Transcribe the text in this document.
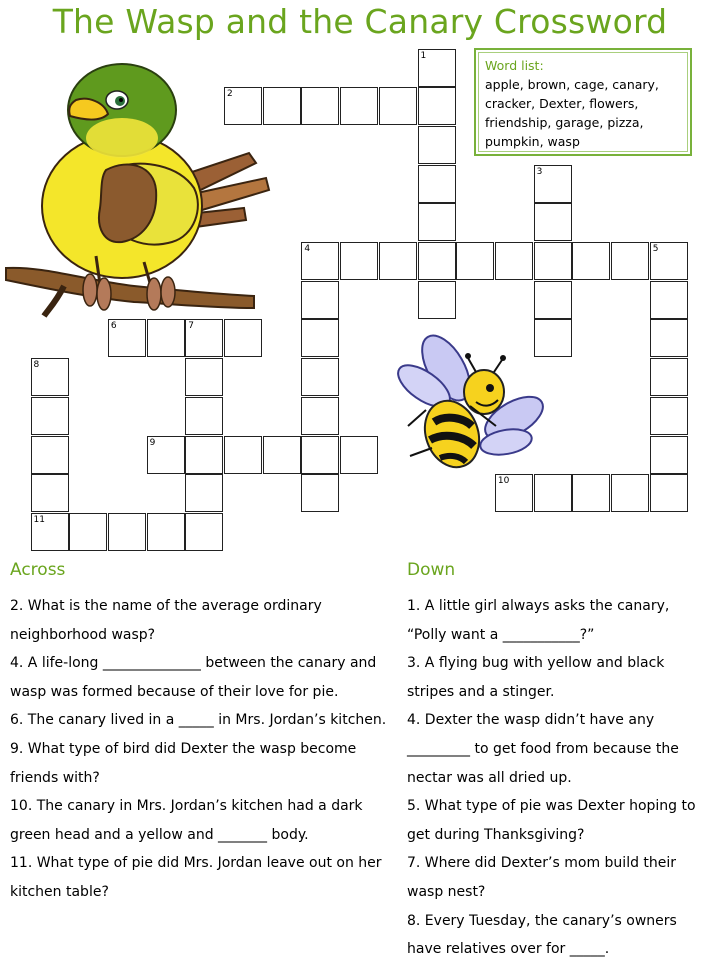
The Wasp and the Canary Crossword
Word list:
apple, brown, cage, canary, cracker, Dexter, flowers, friendship, garage, pizza, pumpkin, wasp
1
2
3
4	5
6	7
8
9
10
11
Across	Down
2. What is the name of the average ordinary neighborhood wasp?
4. A life-long ______________ between the canary and wasp was formed because of their love for pie.
6. The canary lived in a _____ in Mrs. Jordan’s kitchen.
9. What type of bird did Dexter the wasp become friends with?
10. The canary in Mrs. Jordan’s kitchen had a dark green head and a yellow and _______ body.
11. What type of pie did Mrs. Jordan leave out on her kitchen table?
1. A little girl always asks the canary, “Polly want a ___________?”
3. A flying bug with yellow and black stripes and a stinger.
4. Dexter the wasp didn’t have any _________ to get food from because the nectar was all dried up.
5. What type of pie was Dexter hoping to get during Thanksgiving?
7. Where did Dexter’s mom build their wasp nest?
8. Every Tuesday, the canary’s owners have relatives over for _____.
